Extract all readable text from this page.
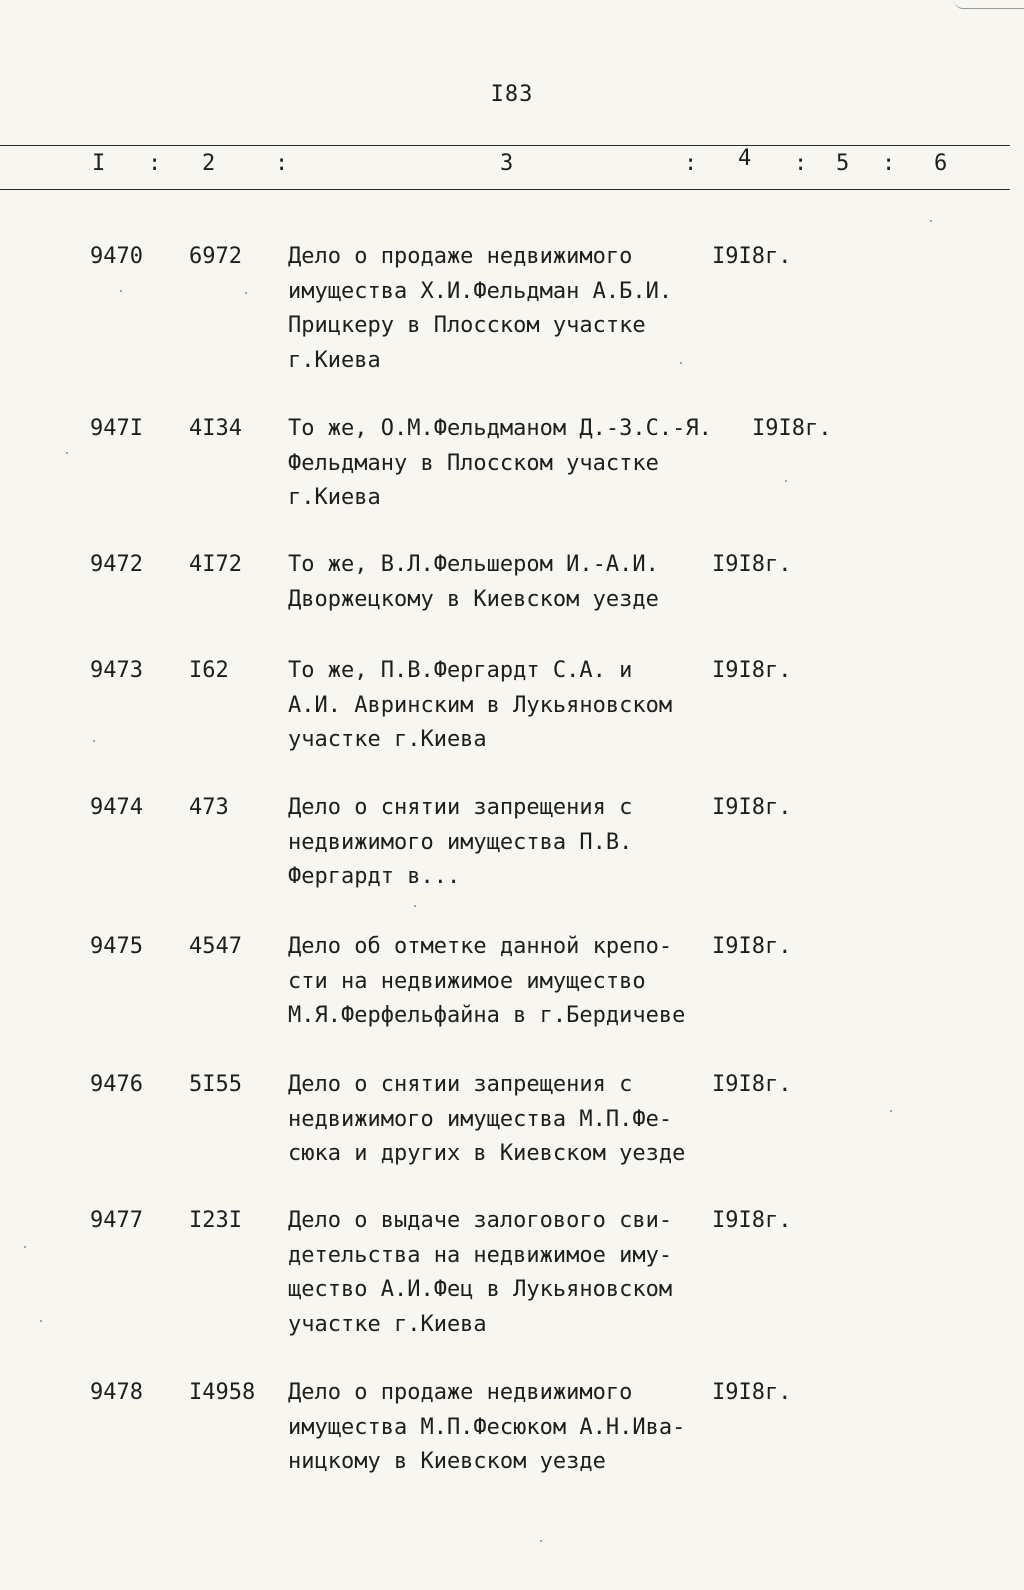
I83
I : 2	:	3	: 4 : 5 : 6
9470 6972 Дело о продаже недвижимого
имущества Х.И.Фельдман А.Б.И.
Прицкеру в Плосском участке
г.Киева
I9I8г.
947I 4I34 То же, О.М.Фельдманом Д.-З.С.-Я.
Фельдману в Плосском участке
г.Киева
I9I8г.
9472 4I72 То же, В.Л.Фельшером И.-А.И.
Дворжецкому в Киевском уезде
I9I8г.
9473 I62	То же, П.В.Фергардт С.А. и
А.И. Авринским в Лукьяновском
участке г.Киева
I9I8г.
9474 473	Дело о снятии запрещения с
недвижимого имущества П.В.
Фергардт в...
I9I8г.
9475 4547 Дело об отметке данной крепо-
сти на недвижимое имущество
М.Я.Ферфельфайна в г.Бердичеве
I9I8г.
9476 5I55 Дело о снятии запрещения с
недвижимого имущества М.П.Фе-
сюка и других в Киевском уезде
I9I8г.
9477 I23I Дело о выдаче залогового сви-
детельства на недвижимое иму-
щество А.И.Фец в Лукьяновском
участке г.Киева
I9I8г.
9478 I4958 Дело о продаже недвижимого
имущества М.П.Фесюком А.Н.Ива-
ницкому в Киевском уезде
I9I8г.
